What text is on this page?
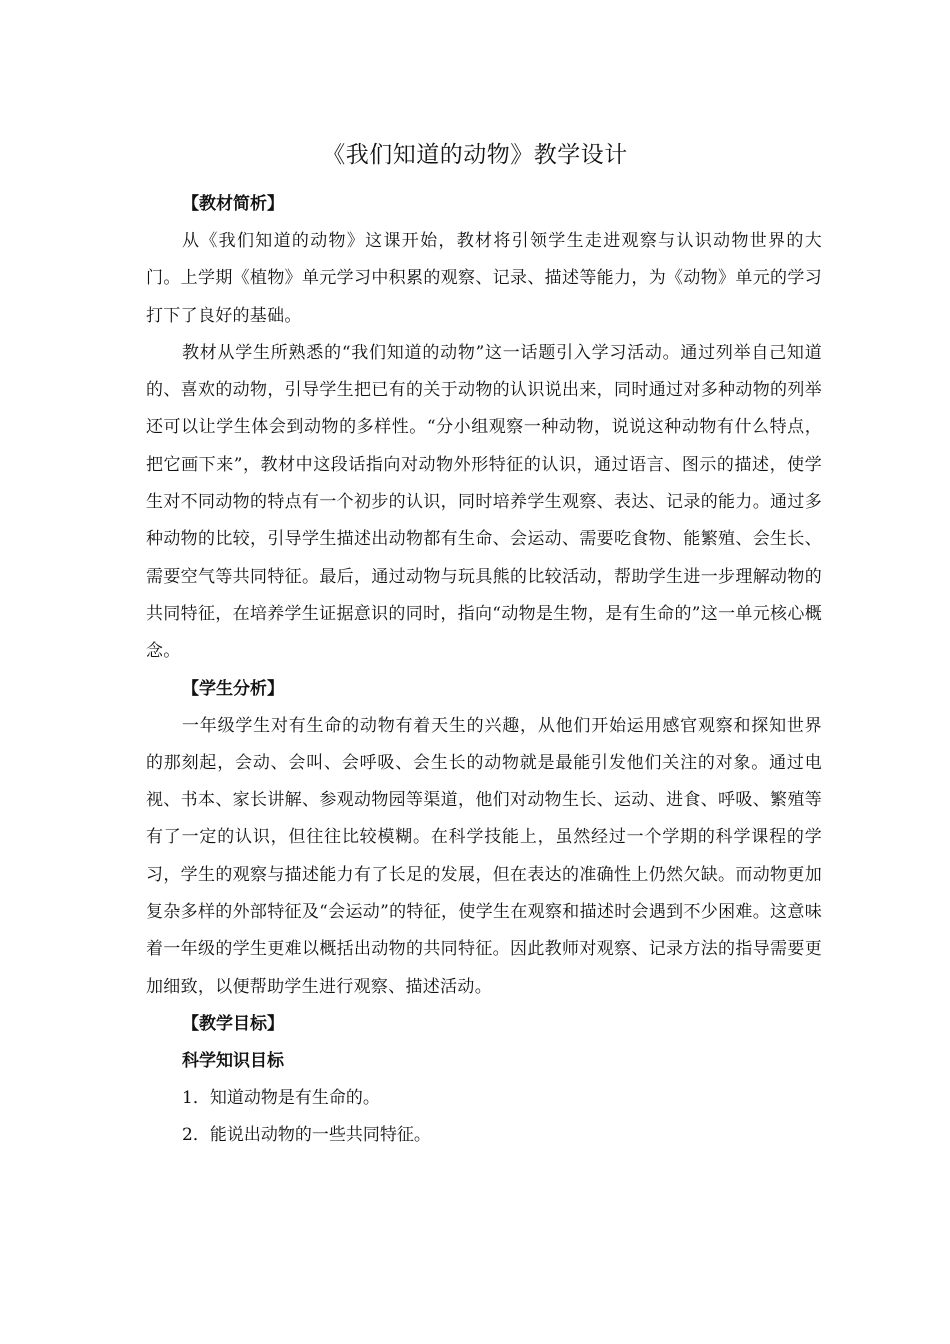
《我们知道的动物》教学设计

【教材简析】

从《我们知道的动物》这课开始，教材将引领学生走进观察与认识动物世界的大门。上学期《植物》单元学习中积累的观察、记录、描述等能力，为《动物》单元的学习打下了良好的基础。

教材从学生所熟悉的“我们知道的动物”这一话题引入学习活动。通过列举自己知道的、喜欢的动物，引导学生把已有的关于动物的认识说出来，同时通过对多种动物的列举还可以让学生体会到动物的多样性。“分小组观察一种动物，说说这种动物有什么特点，把它画下来”，教材中这段话指向对动物外形特征的认识，通过语言、图示的描述，使学生对不同动物的特点有一个初步的认识，同时培养学生观察、表达、记录的能力。通过多种动物的比较，引导学生描述出动物都有生命、会运动、需要吃食物、能繁殖、会生长、需要空气等共同特征。最后，通过动物与玩具熊的比较活动，帮助学生进一步理解动物的共同特征，在培养学生证据意识的同时，指向“动物是生物，是有生命的”这一单元核心概念。

【学生分析】

一年级学生对有生命的动物有着天生的兴趣，从他们开始运用感官观察和探知世界的那刻起，会动、会叫、会呼吸、会生长的动物就是最能引发他们关注的对象。通过电视、书本、家长讲解、参观动物园等渠道，他们对动物生长、运动、进食、呼吸、繁殖等有了一定的认识，但往往比较模糊。在科学技能上，虽然经过一个学期的科学课程的学习，学生的观察与描述能力有了长足的发展，但在表达的准确性上仍然欠缺。而动物更加复杂多样的外部特征及“会运动”的特征，使学生在观察和描述时会遇到不少困难。这意味着一年级的学生更难以概括出动物的共同特征。因此教师对观察、记录方法的指导需要更加细致，以便帮助学生进行观察、描述活动。

【教学目标】

科学知识目标

1．知道动物是有生命的。

2．能说出动物的一些共同特征。
